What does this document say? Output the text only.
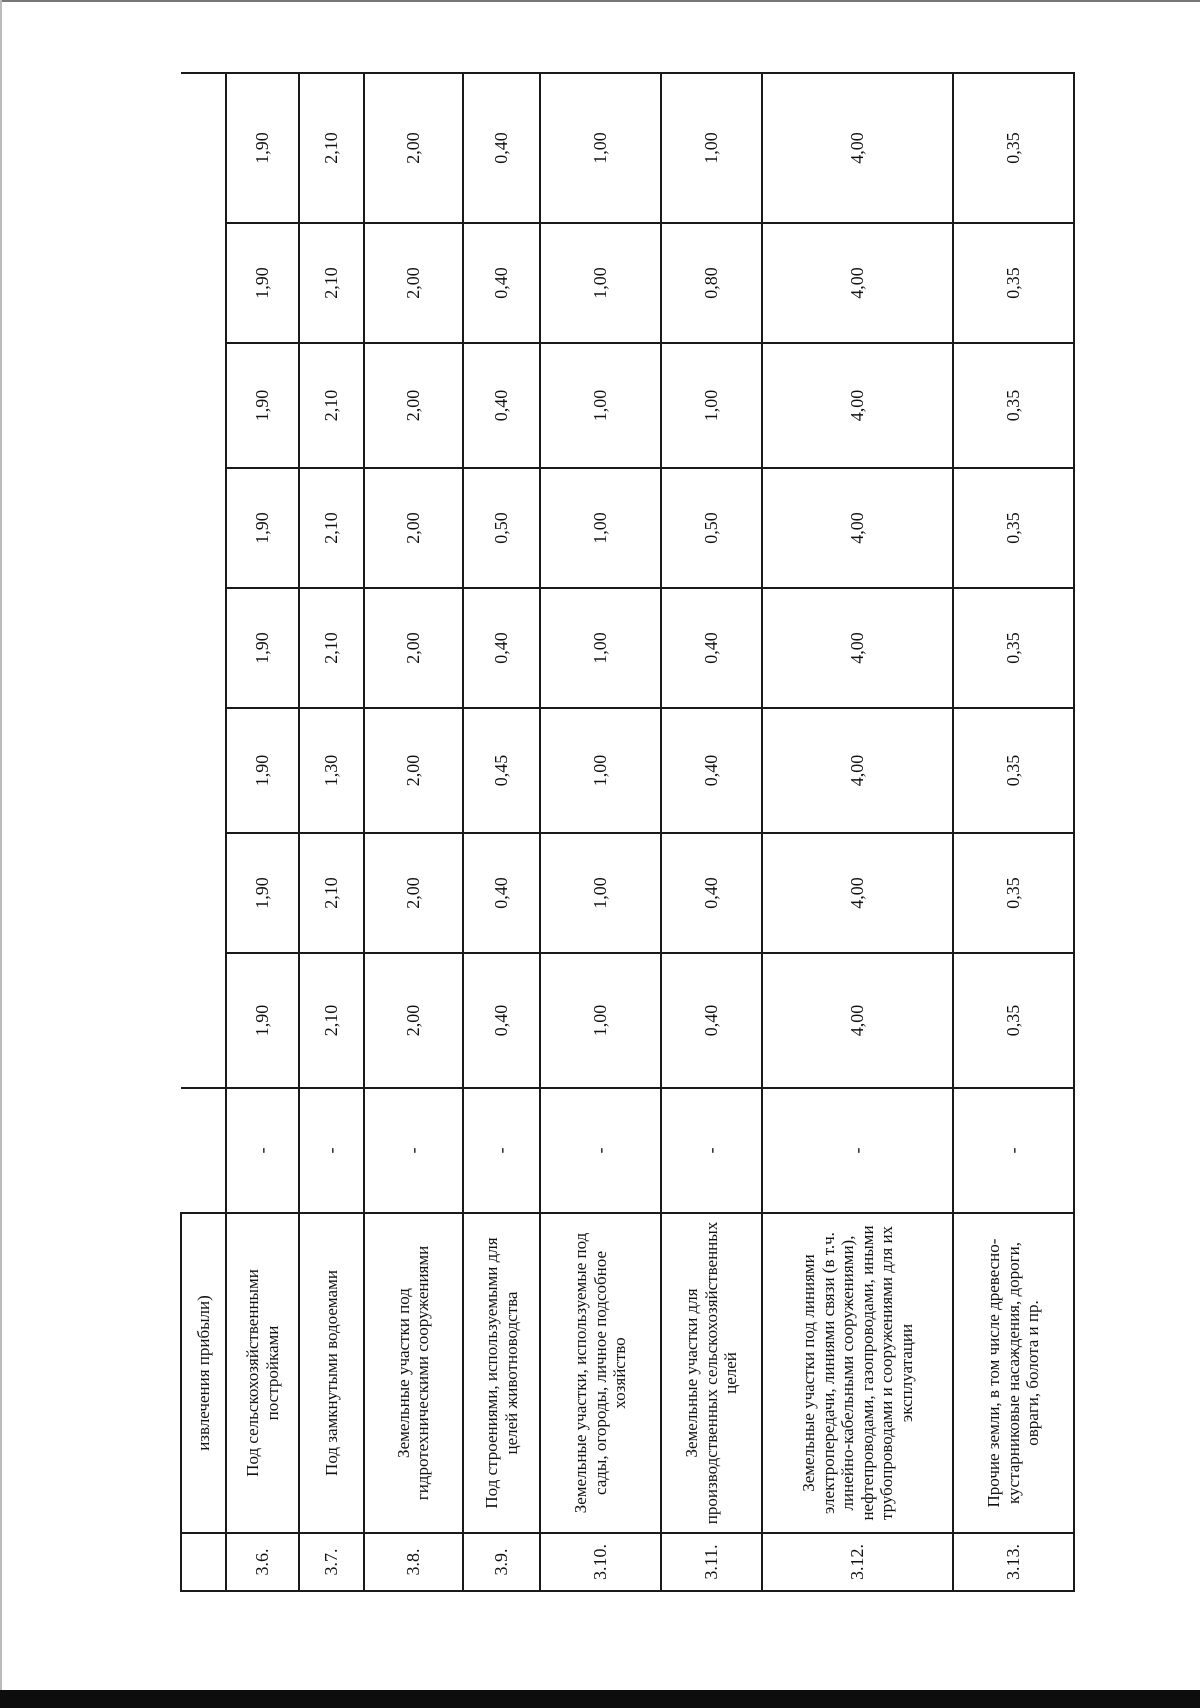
	извлечения прибыли)									
3.6.	Под сельскохозяйственными постройками	-	1,90	1,90	1,90	1,90	1,90	1,90	1,90	1,90
3.7.	Под замкнутыми водоемами	-	2,10	2,10	1,30	2,10	2,10	2,10	2,10	2,10
3.8.	Земельные участки под гидротехническими сооружениями	-	2,00	2,00	2,00	2,00	2,00	2,00	2,00	2,00
3.9.	Под строениями, используемыми для целей животноводства	-	0,40	0,40	0,45	0,40	0,50	0,40	0,40	0,40
3.10.	Земельные участки, используемые под сады, огороды, личное подсобное хозяйство	-	1,00	1,00	1,00	1,00	1,00	1,00	1,00	1,00
3.11.	Земельные участки для производственных сельскохозяйственных целей	-	0,40	0,40	0,40	0,40	0,50	1,00	0,80	1,00
3.12.	Земельные участки под линиями электропередачи, линиями связи (в т.ч. линейно-кабельными сооружениями), нефтепроводами, газопроводами, иными трубопроводами и сооружениями для их эксплуатации	-	4,00	4,00	4,00	4,00	4,00	4,00	4,00	4,00
3.13.	Прочие земли, в том числе древесно-кустарниковые насаждения, дороги, овраги, болота и пр.	-	0,35	0,35	0,35	0,35	0,35	0,35	0,35	0,35
